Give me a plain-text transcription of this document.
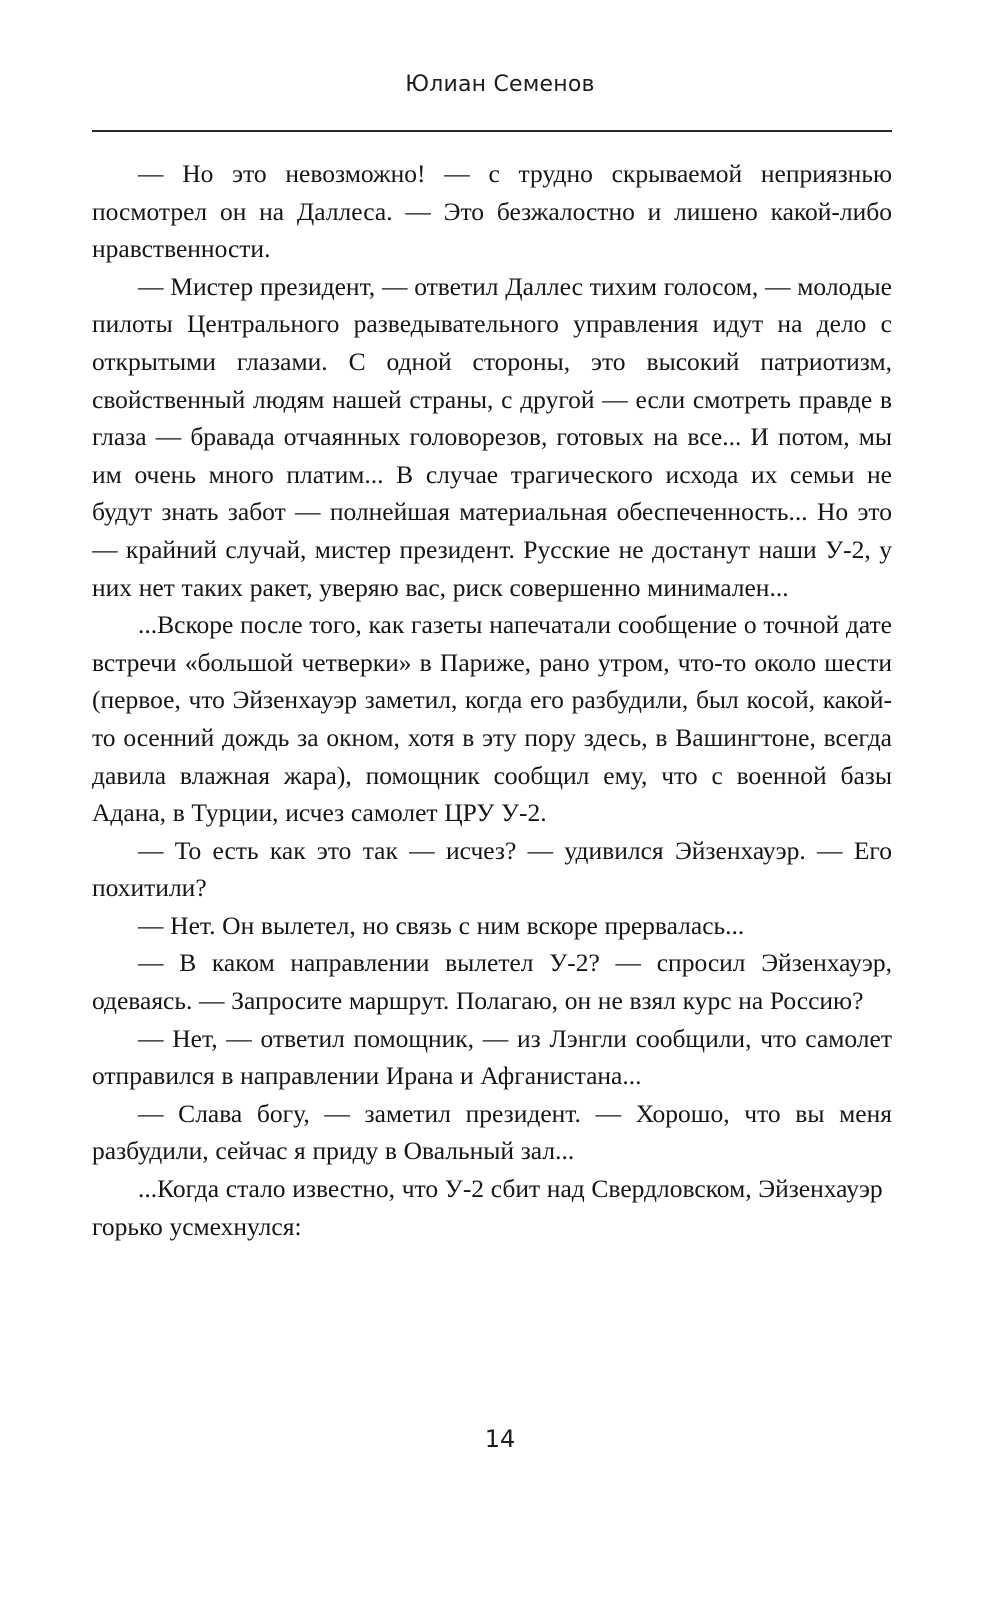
Юлиан Семенов

— Но это невозможно! — с трудно скрываемой неприязнью посмотрел он на Даллеса. — Это безжалостно и лишено какой-либо нравственности.

— Мистер президент, — ответил Даллес тихим голосом, — молодые пилоты Центрального разведывательного управления идут на дело с открытыми глазами. С одной стороны, это высокий патриотизм, свойственный людям нашей страны, с другой — если смотреть правде в глаза — бравада отчаянных головорезов, готовых на все... И потом, мы им очень много платим... В случае трагического исхода их семьи не будут знать забот — полнейшая материальная обеспеченность... Но это — крайний случай, мистер президент. Русские не достанут наши У-2, у них нет таких ракет, уверяю вас, риск совершенно минимален...

...Вскоре после того, как газеты напечатали сообщение о точной дате встречи «большой четверки» в Париже, рано утром, что-то около шести (первое, что Эйзенхауэр заметил, когда его разбудили, был косой, какой-то осенний дождь за окном, хотя в эту пору здесь, в Вашингтоне, всегда давила влажная жара), помощник сообщил ему, что с военной базы Адана, в Турции, исчез самолет ЦРУ У-2.

— То есть как это так — исчез? — удивился Эйзенхауэр. — Его похитили?

— Нет. Он вылетел, но связь с ним вскоре прервалась...

— В каком направлении вылетел У-2? — спросил Эйзенхауэр, одеваясь. — Запросите маршрут. Полагаю, он не взял курс на Россию?

— Нет, — ответил помощник, — из Лэнгли сообщили, что самолет отправился в направлении Ирана и Афганистана...

— Слава богу, — заметил президент. — Хорошо, что вы меня разбудили, сейчас я приду в Овальный зал...

...Когда стало известно, что У-2 сбит над Свердловском, Эйзенхауэр горько усмехнулся:

14
